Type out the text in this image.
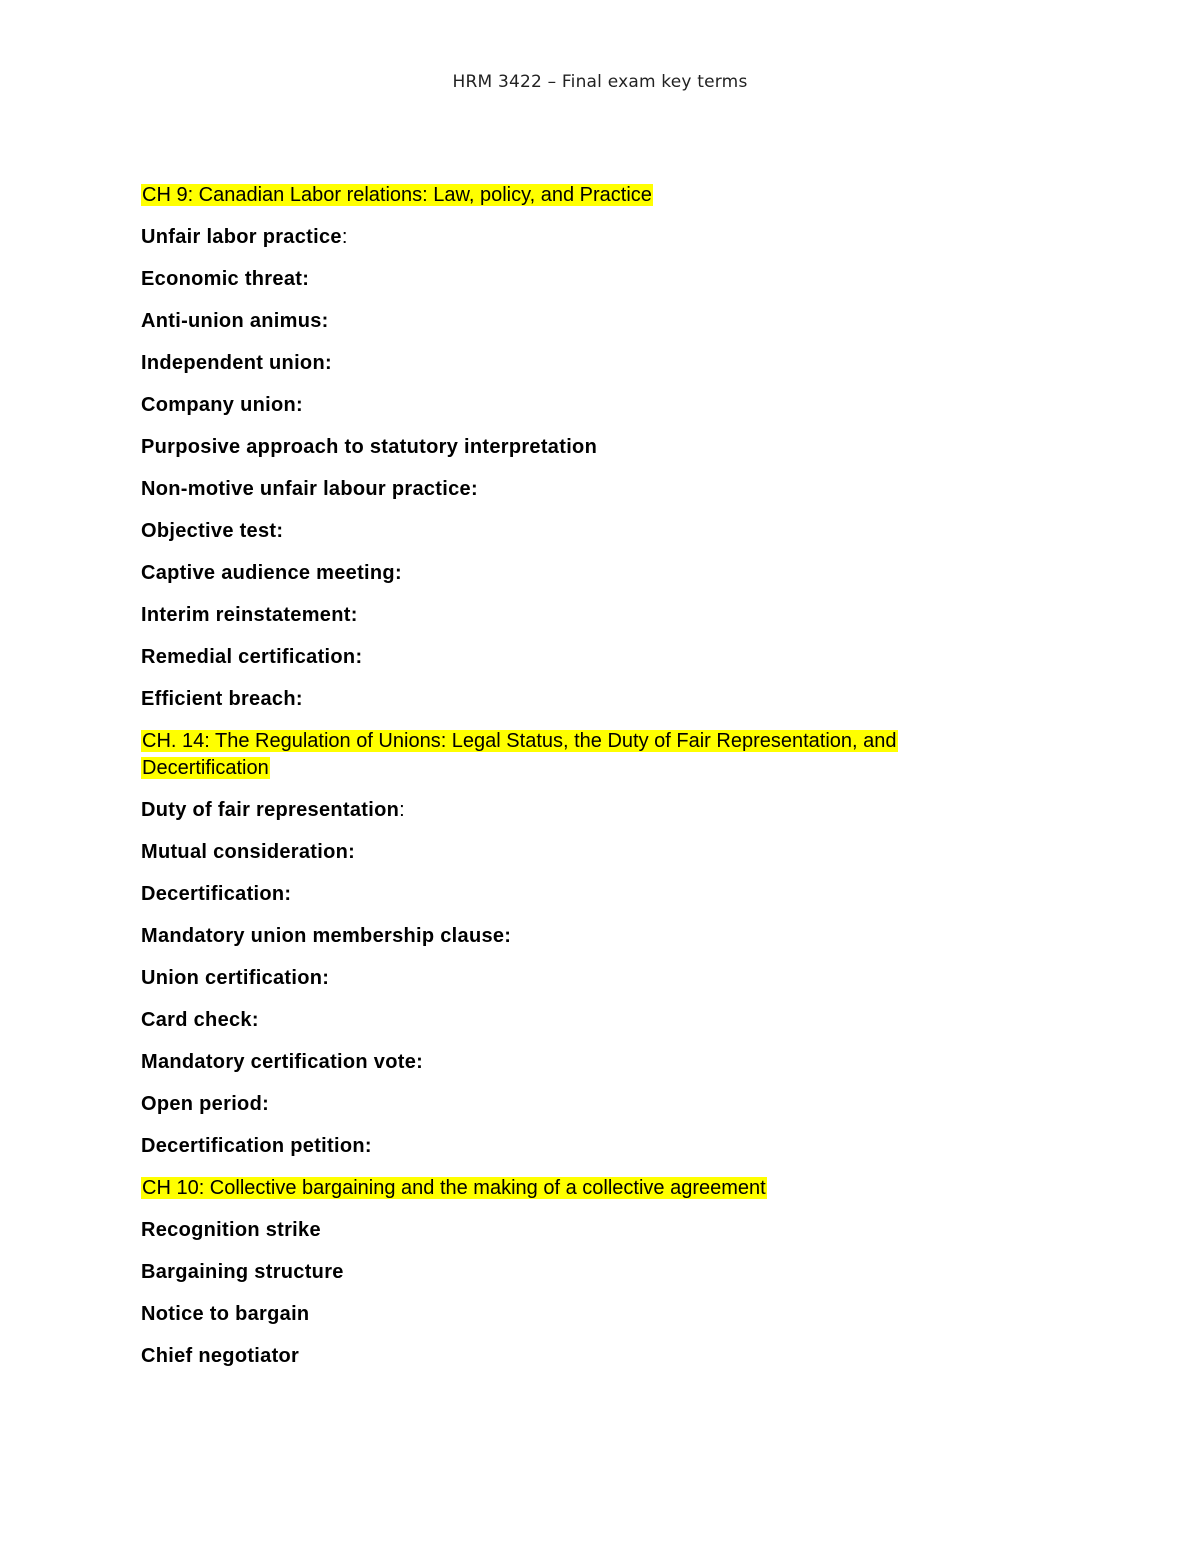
HRM 3422 – Final exam key terms
CH 9: Canadian Labor relations: Law, policy, and Practice
Unfair labor practice:
Economic threat:
Anti-union animus:
Independent union:
Company union:
Purposive approach to statutory interpretation
Non-motive unfair labour practice:
Objective test:
Captive audience meeting:
Interim reinstatement:
Remedial certification:
Efficient breach:
CH. 14: The Regulation of Unions: Legal Status, the Duty of Fair Representation, and Decertification
Duty of fair representation:
Mutual consideration:
Decertification:
Mandatory union membership clause:
Union certification:
Card check:
Mandatory certification vote:
Open period:
Decertification petition:
CH 10: Collective bargaining and the making of a collective agreement
Recognition strike
Bargaining structure
Notice to bargain
Chief negotiator
